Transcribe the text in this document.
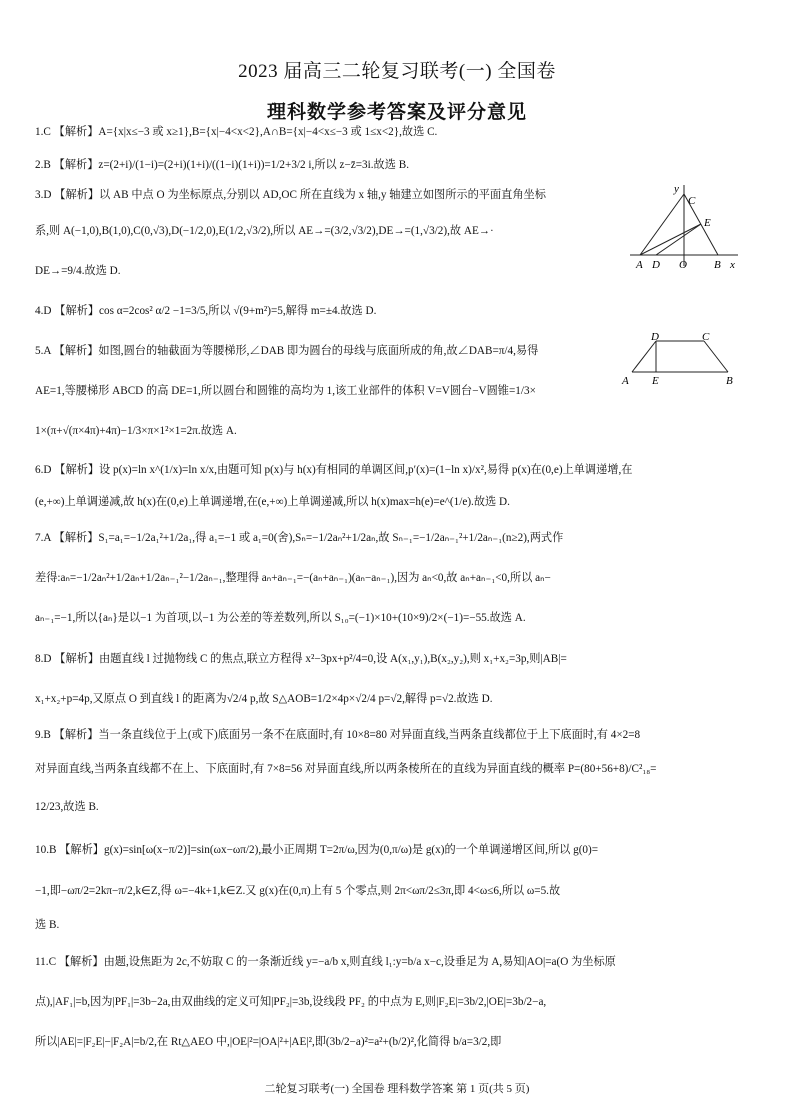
2023 届高三二轮复习联考(一) 全国卷
理科数学参考答案及评分意见
1.C 【解析】A={x|x≤−3 或 x≥1},B={x|−4<x<2},A∩B={x|−4<x≤−3 或 1≤x<2},故选 C.
2.B 【解析】z=(2+i)/(1−i)=(2+i)(1+i)/((1−i)(1+i))=1/2+3/2 i,所以 z−z̄=3i.故选 B.
3.D 【解析】以 AB 中点 O 为坐标原点,分别以 AD,OC 所在直线为 x 轴,y 轴建立如图所示的平面直角坐标
系,则 A(−1,0),B(1,0),C(0,√3),D(−1/2,0),E(1/2,√3/2),所以 AE→=(3/2,√3/2),DE→=(1,√3/2),故 AE→·
DE→=9/4.故选 D.
4.D 【解析】cos α=2cos² α/2 −1=3/5,所以 √(9+m²)=5,解得 m=±4.故选 D.
5.A 【解析】如图,圆台的轴截面为等腰梯形,∠DAB 即为圆台的母线与底面所成的角,故∠DAB=π/4,易得
AE=1,等腰梯形 ABCD 的高 DE=1,所以圆台和圆锥的高均为 1,该工业部件的体积 V=V圆台−V圆锥=1/3×
1×(π+√(π×4π)+4π)−1/3×π×1²×1=2π.故选 A.
6.D 【解析】设 p(x)=ln x^(1/x)=ln x/x,由题可知 p(x)与 h(x)有相同的单调区间,p′(x)=(1−ln x)/x²,易得 p(x)在(0,e)上单调递增,在
(e,+∞)上单调递减,故 h(x)在(0,e)上单调递增,在(e,+∞)上单调递减,所以 h(x)max=h(e)=e^(1/e).故选 D.
7.A 【解析】S₁=a₁=−1/2a₁²+1/2a₁,得 a₁=−1 或 a₁=0(舍),Sₙ=−1/2aₙ²+1/2aₙ,故 Sₙ₋₁=−1/2aₙ₋₁²+1/2aₙ₋₁(n≥2),两式作
差得:aₙ=−1/2aₙ²+1/2aₙ+1/2aₙ₋₁²−1/2aₙ₋₁,整理得 aₙ+aₙ₋₁=−(aₙ+aₙ₋₁)(aₙ−aₙ₋₁),因为 aₙ<0,故 aₙ+aₙ₋₁<0,所以 aₙ−
aₙ₋₁=−1,所以{aₙ}是以−1 为首项,以−1 为公差的等差数列,所以 S₁₀=(−1)×10+(10×9)/2×(−1)=−55.故选 A.
8.D 【解析】由题直线 l 过抛物线 C 的焦点,联立方程得 x²−3px+p²/4=0,设 A(x₁,y₁),B(x₂,y₂),则 x₁+x₂=3p,则|AB|=
x₁+x₂+p=4p,又原点 O 到直线 l 的距离为√2/4 p,故 S△AOB=1/2×4p×√2/4 p=√2,解得 p=√2.故选 D.
9.B 【解析】当一条直线位于上(或下)底面另一条不在底面时,有 10×8=80 对异面直线,当两条直线都位于上下底面时,有 4×2=8
对异面直线,当两条直线都不在上、下底面时,有 7×8=56 对异面直线,所以两条棱所在的直线为异面直线的概率 P=(80+56+8)/C²₁₈=
12/23,故选 B.
10.B 【解析】g(x)=sin[ω(x−π/2)]=sin(ωx−ωπ/2),最小正周期 T=2π/ω,因为(0,π/ω)是 g(x)的一个单调递增区间,所以 g(0)=
−1,即−ωπ/2=2kπ−π/2,k∈Z,得 ω=−4k+1,k∈Z.又 g(x)在(0,π)上有 5 个零点,则 2π<ωπ/2≤3π,即 4<ω≤6,所以 ω=5.故
选 B.
11.C 【解析】由题,设焦距为 2c,不妨取 C 的一条渐近线 y=−a/b x,则直线 l₁:y=b/a x−c,设垂足为 A,易知|AO|=a(O 为坐标原
点),|AF₁|=b,因为|PF₁|=3b−2a,由双曲线的定义可知|PF₂|=3b,设线段 PF₂ 的中点为 E,则|F₂E|=3b/2,|OE|=3b/2−a,
所以|AE|=|F₂E|−|F₂A|=b/2,在 Rt△AEO 中,|OE|²=|OA|²+|AE|²,即(3b/2−a)²=a²+(b/2)²,化简得 b/a=3/2,即
y
C
E
A D O B x
D	C
A E	B
二轮复习联考(一) 全国卷 理科数学答案 第 1 页(共 5 页)
